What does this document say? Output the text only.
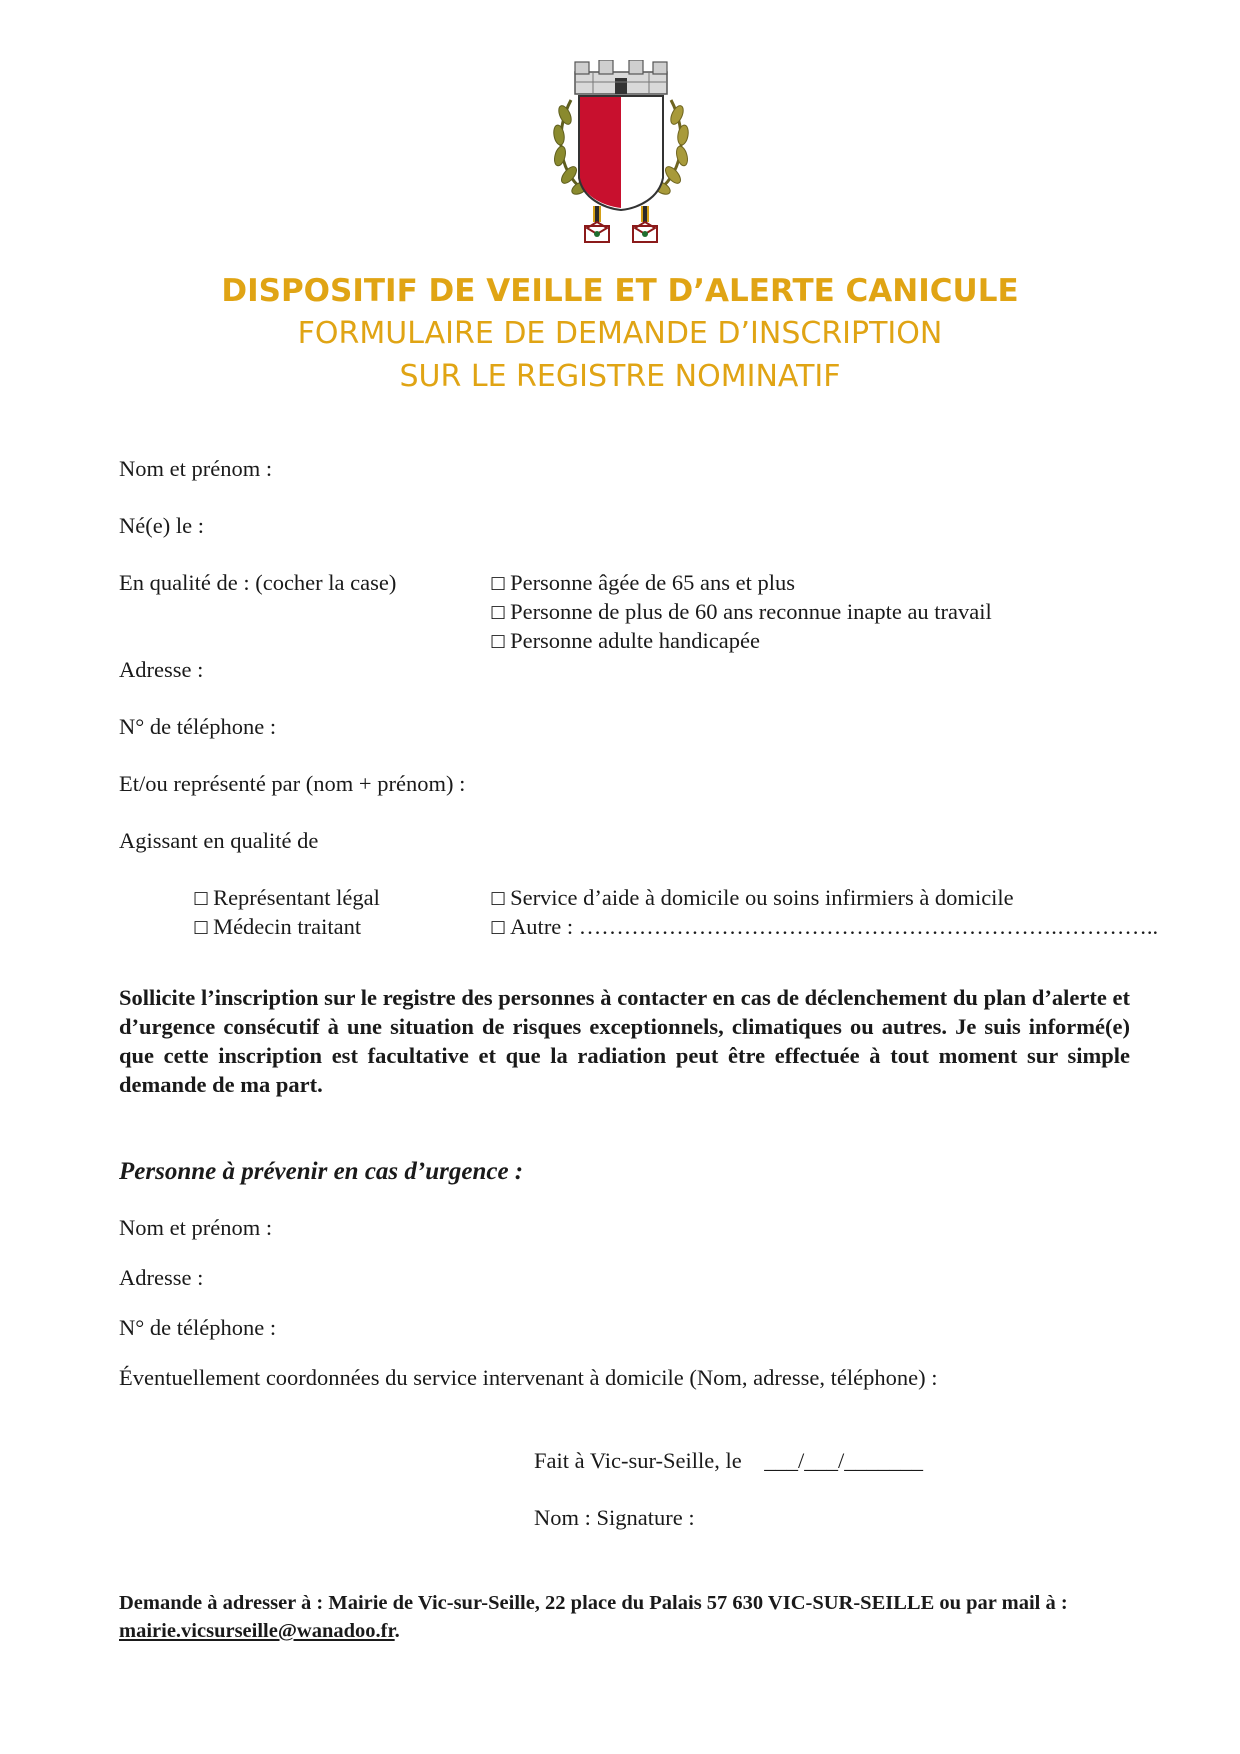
DISPOSITIF DE VEILLE ET D’ALERTE CANICULE
FORMULAIRE DE DEMANDE D’INSCRIPTION
SUR LE REGISTRE NOMINATIF
Nom et prénom :
Né(e) le :
En qualité de : (cocher la case)	□ Personne âgée de 65 ans et plus
□ Personne de plus de 60 ans reconnue inapte au travail
□ Personne adulte handicapée
Adresse :
N° de téléphone :
Et/ou représenté par (nom + prénom) :
Agissant en qualité de
□ Représentant légal
□ Médecin traitant
□ Service d’aide à domicile ou soins infirmiers à domicile
□ Autre : ……………………………………………………….…………..
Sollicite l’inscription sur le registre des personnes à contacter en cas de déclenchement du plan d’alerte et d’urgence consécutif à une situation de risques exceptionnels, climatiques ou autres. Je suis informé(e) que cette inscription est facultative et que la radiation peut être effectuée à tout moment sur simple demande de ma part.
Personne à prévenir en cas d’urgence :
Nom et prénom :
Adresse :
N° de téléphone :
Éventuellement coordonnées du service intervenant à domicile (Nom, adresse, téléphone) :
Fait à Vic-sur-Seille, le    ___/___/_______
Nom : Signature :
Demande à adresser à : Mairie de Vic-sur-Seille, 22 place du Palais 57 630 VIC-SUR-SEILLE ou par mail à : mairie.vicsurseille@wanadoo.fr.
